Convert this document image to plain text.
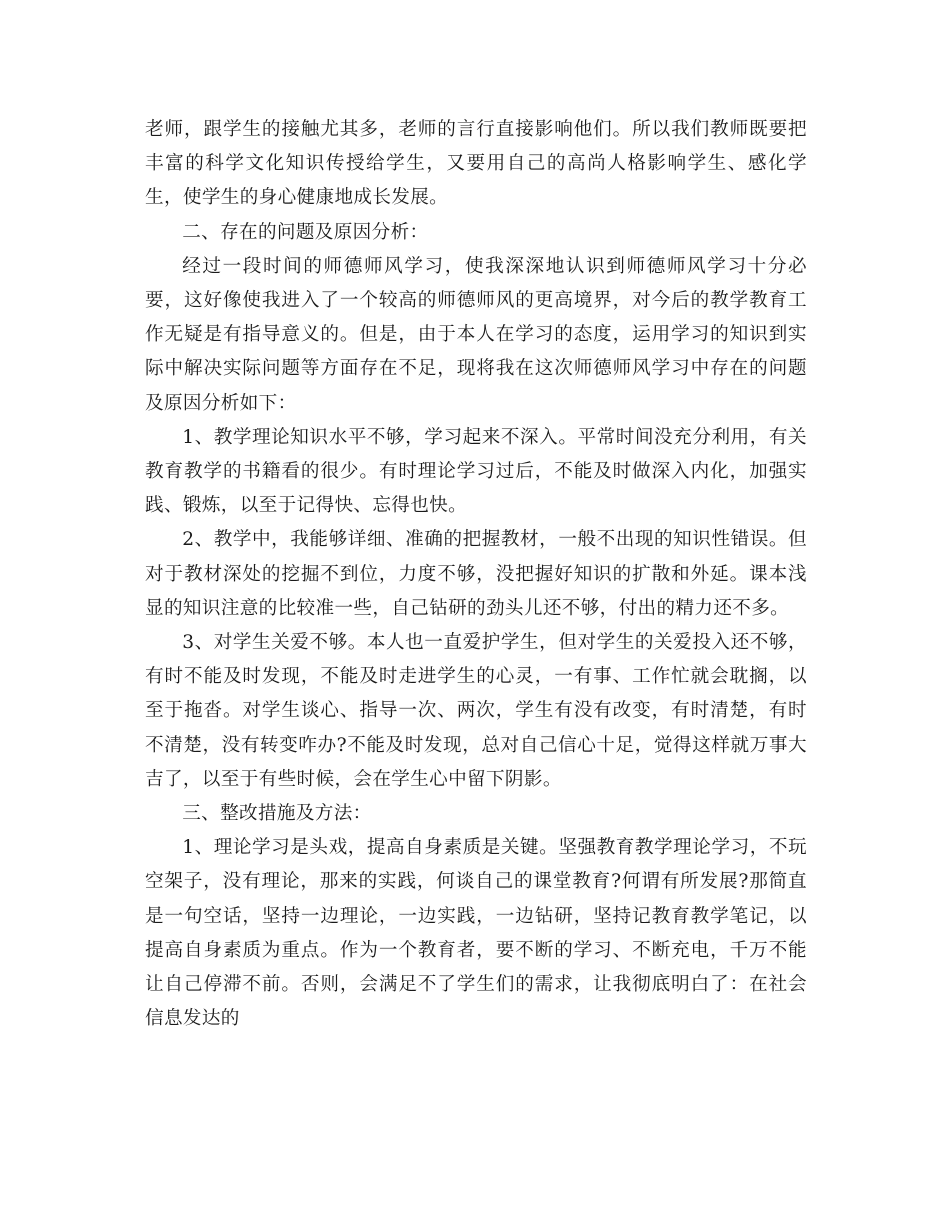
老师，跟学生的接触尤其多，老师的言行直接影响他们。所以我们教师既要把丰富的科学文化知识传授给学生，又要用自己的高尚人格影响学生、感化学生，使学生的身心健康地成长发展。

二、存在的问题及原因分析：

经过一段时间的师德师风学习，使我深深地认识到师德师风学习十分必要，这好像使我进入了一个较高的师德师风的更高境界，对今后的教学教育工作无疑是有指导意义的。但是，由于本人在学习的态度，运用学习的知识到实际中解决实际问题等方面存在不足，现将我在这次师德师风学习中存在的问题及原因分析如下：

1、教学理论知识水平不够，学习起来不深入。平常时间没充分利用，有关教育教学的书籍看的很少。有时理论学习过后，不能及时做深入内化，加强实践、锻炼，以至于记得快、忘得也快。

2、教学中，我能够详细、准确的把握教材，一般不出现的知识性错误。但对于教材深处的挖掘不到位，力度不够，没把握好知识的扩散和外延。课本浅显的知识注意的比较准一些，自己钻研的劲头儿还不够，付出的精力还不多。

3、对学生关爱不够。本人也一直爱护学生，但对学生的关爱投入还不够，有时不能及时发现，不能及时走进学生的心灵，一有事、工作忙就会耽搁，以至于拖沓。对学生谈心、指导一次、两次，学生有没有改变，有时清楚，有时不清楚，没有转变咋办?不能及时发现，总对自己信心十足，觉得这样就万事大吉了，以至于有些时候，会在学生心中留下阴影。

三、整改措施及方法：

1、理论学习是头戏，提高自身素质是关键。坚强教育教学理论学习，不玩空架子，没有理论，那来的实践，何谈自己的课堂教育?何谓有所发展?那简直是一句空话，坚持一边理论，一边实践，一边钻研，坚持记教育教学笔记，以提高自身素质为重点。作为一个教育者，要不断的学习、不断充电，千万不能让自己停滞不前。否则，会满足不了学生们的需求，让我彻底明白了：在社会信息发达的
